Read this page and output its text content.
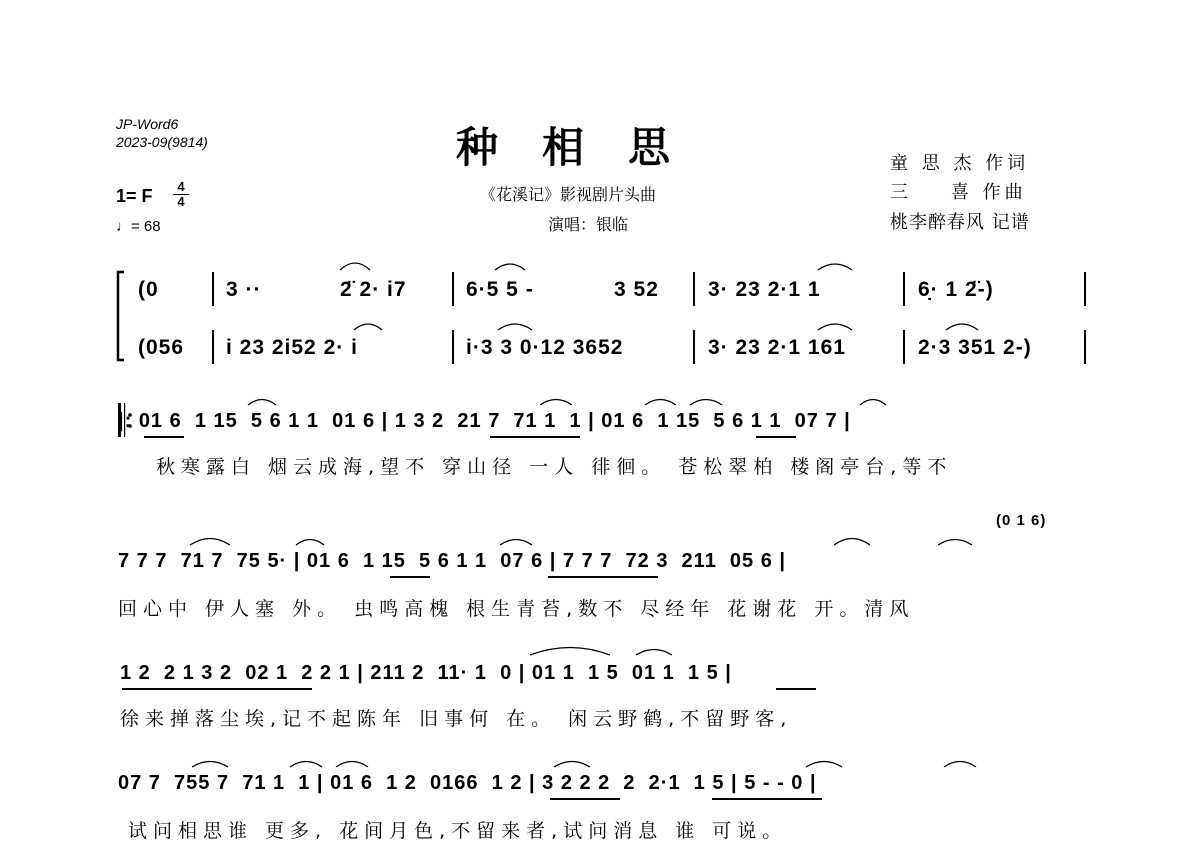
JP-Word6
2023-09(9814)	种相思
《花溪记》影视剧片头曲
演唱：银临
童 思 杰 作词
三    喜 作曲
桃李醉春风 记谱
1= F	4
4
♩= 68
(0	3 ··	2̈ 2· i7	6·5 5 -	3 52 3· 23 2·1 1	6̣· 1 2̈-)
(056 i 23 2i52 2· i	i·3 3 0·12 3652	3· 23 2·1 161	2·3 351 2-)
|: 01 6  1 15  5 6 1 1  01 6 | 1 3 2  21 7  71 1  1 | 01 6  1 15  5 6 1 1  07 7 |
秋寒露白 烟云成海,望不 穿山径 一人 徘徊。 苍松翠柏 楼阁亭台,等不
(0 1 6)
7 7 7  71 7  75 5· | 01 6  1 15  5 6 1 1  07 6 | 7 7 7  72 3  211  05 6 |
回心中 伊人塞 外。 虫鸣高槐 根生青苔,数不 尽经年 花谢花 开。清风
1 2  2 1 3 2  02 1  2 2 1 | 211 2  11· 1  0 | 01 1  1 5  01 1  1 5 |
徐来掸落尘埃,记不起陈年 旧事何 在。 闲云野鹤,不留野客,
07 7  755 7  71 1  1 | 01 6  1 2  0166  1 2 | 3 2 2 2  2  2·1  1 5 | 5 - - 0 |
试问相思谁 更多, 花间月色,不留来者,试问消息 谁 可说。
